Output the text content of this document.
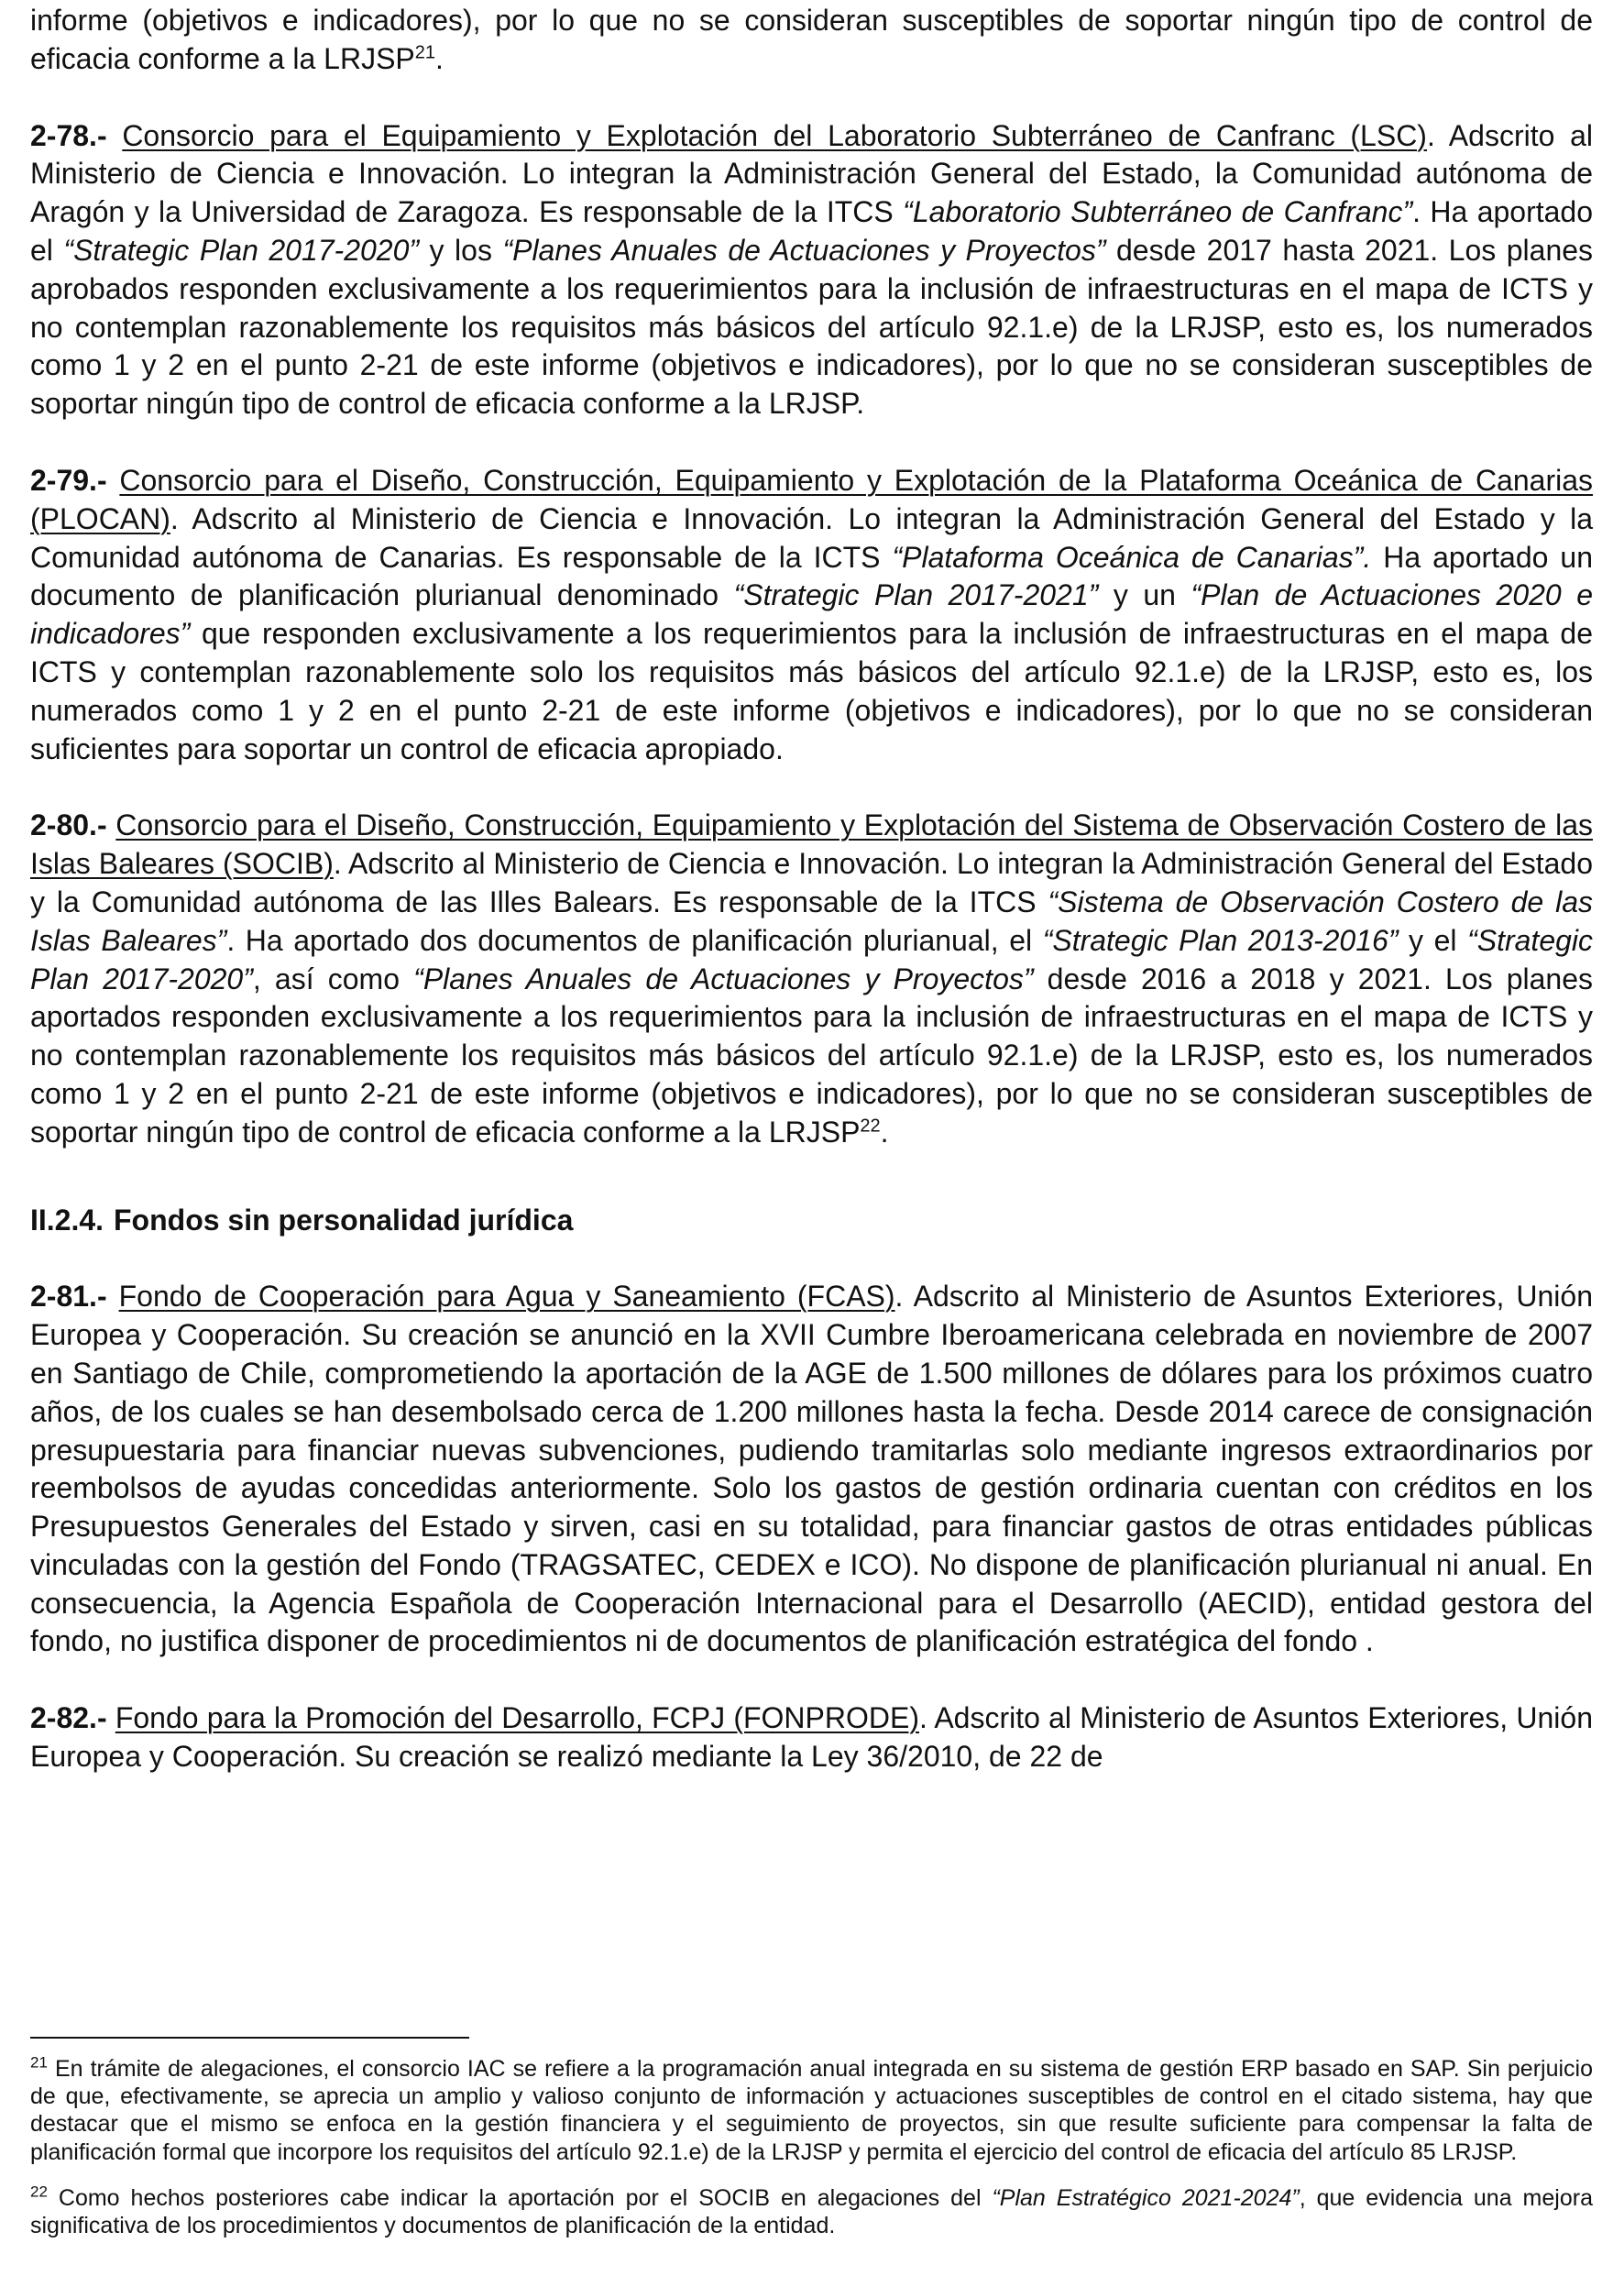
informe (objetivos e indicadores), por lo que no se consideran susceptibles de soportar ningún tipo de control de eficacia conforme a la LRJSP$^{21}$.

2-78.- Consorcio para el Equipamiento y Explotación del Laboratorio Subterráneo de Canfranc (LSC). Adscrito al Ministerio de Ciencia e Innovación. Lo integran la Administración General del Estado, la Comunidad autónoma de Aragón y la Universidad de Zaragoza. Es responsable de la ITCS “Laboratorio Subterráneo de Canfranc”. Ha aportado el “Strategic Plan 2017-2020” y los “Planes Anuales de Actuaciones y Proyectos” desde 2017 hasta 2021. Los planes aprobados responden exclusivamente a los requerimientos para la inclusión de infraestructuras en el mapa de ICTS y no contemplan razonablemente los requisitos más básicos del artículo 92.1.e) de la LRJSP, esto es, los numerados como 1 y 2 en el punto 2-21 de este informe (objetivos e indicadores), por lo que no se consideran susceptibles de soportar ningún tipo de control de eficacia conforme a la LRJSP.

2-79.- Consorcio para el Diseño, Construcción, Equipamiento y Explotación de la Plataforma Oceánica de Canarias (PLOCAN). Adscrito al Ministerio de Ciencia e Innovación. Lo integran la Administración General del Estado y la Comunidad autónoma de Canarias. Es responsable de la ICTS “Plataforma Oceánica de Canarias”. Ha aportado un documento de planificación plurianual denominado “Strategic Plan 2017-2021” y un “Plan de Actuaciones 2020 e indicadores” que responden exclusivamente a los requerimientos para la inclusión de infraestructuras en el mapa de ICTS y contemplan razonablemente solo los requisitos más básicos del artículo 92.1.e) de la LRJSP, esto es, los numerados como 1 y 2 en el punto 2-21 de este informe (objetivos e indicadores), por lo que no se consideran suficientes para soportar un control de eficacia apropiado.

2-80.- Consorcio para el Diseño, Construcción, Equipamiento y Explotación del Sistema de Observación Costero de las Islas Baleares (SOCIB). Adscrito al Ministerio de Ciencia e Innovación. Lo integran la Administración General del Estado y la Comunidad autónoma de las Illes Balears. Es responsable de la ITCS “Sistema de Observación Costero de las Islas Baleares”. Ha aportado dos documentos de planificación plurianual, el “Strategic Plan 2013-2016” y el “Strategic Plan 2017-2020”, así como “Planes Anuales de Actuaciones y Proyectos” desde 2016 a 2018 y 2021. Los planes aportados responden exclusivamente a los requerimientos para la inclusión de infraestructuras en el mapa de ICTS y no contemplan razonablemente los requisitos más básicos del artículo 92.1.e) de la LRJSP, esto es, los numerados como 1 y 2 en el punto 2-21 de este informe (objetivos e indicadores), por lo que no se consideran susceptibles de soportar ningún tipo de control de eficacia conforme a la LRJSP$^{22}$.

II.2.4. Fondos sin personalidad jurídica

2-81.- Fondo de Cooperación para Agua y Saneamiento (FCAS). Adscrito al Ministerio de Asuntos Exteriores, Unión Europea y Cooperación. Su creación se anunció en la XVII Cumbre Iberoamericana celebrada en noviembre de 2007 en Santiago de Chile, comprometiendo la aportación de la AGE de 1.500 millones de dólares para los próximos cuatro años, de los cuales se han desembolsado cerca de 1.200 millones hasta la fecha. Desde 2014 carece de consignación presupuestaria para financiar nuevas subvenciones, pudiendo tramitarlas solo mediante ingresos extraordinarios por reembolsos de ayudas concedidas anteriormente. Solo los gastos de gestión ordinaria cuentan con créditos en los Presupuestos Generales del Estado y sirven, casi en su totalidad, para financiar gastos de otras entidades públicas vinculadas con la gestión del Fondo (TRAGSATEC, CEDEX e ICO). No dispone de planificación plurianual ni anual. En consecuencia, la Agencia Española de Cooperación Internacional para el Desarrollo (AECID), entidad gestora del fondo, no justifica disponer de procedimientos ni de documentos de planificación estratégica del fondo .

2-82.- Fondo para la Promoción del Desarrollo, FCPJ (FONPRODE). Adscrito al Ministerio de Asuntos Exteriores, Unión Europea y Cooperación. Su creación se realizó mediante la Ley 36/2010, de 22 de

$^{21}$ En trámite de alegaciones, el consorcio IAC se refiere a la programación anual integrada en su sistema de gestión ERP basado en SAP. Sin perjuicio de que, efectivamente, se aprecia un amplio y valioso conjunto de información y actuaciones susceptibles de control en el citado sistema, hay que destacar que el mismo se enfoca en la gestión financiera y el seguimiento de proyectos, sin que resulte suficiente para compensar la falta de planificación formal que incorpore los requisitos del artículo 92.1.e) de la LRJSP y permita el ejercicio del control de eficacia del artículo 85 LRJSP.

$^{22}$ Como hechos posteriores cabe indicar la aportación por el SOCIB en alegaciones del “Plan Estratégico 2021-2024”, que evidencia una mejora significativa de los procedimientos y documentos de planificación de la entidad.
